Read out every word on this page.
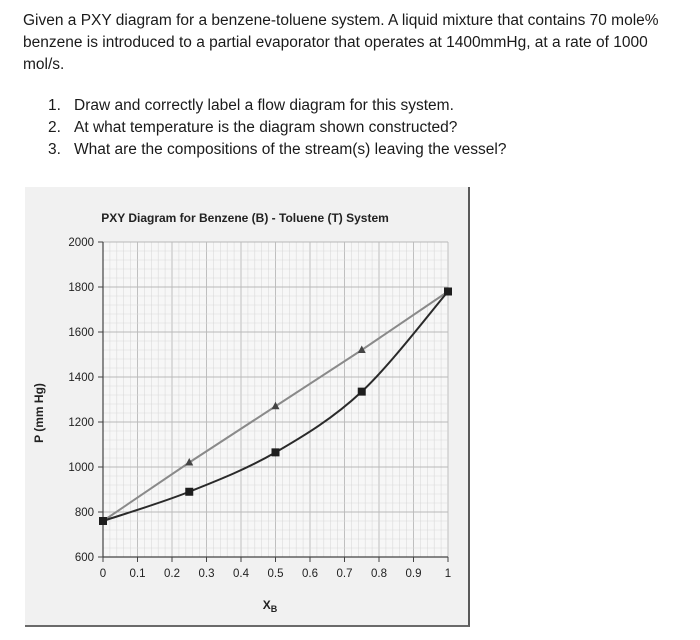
Given a PXY diagram for a benzene-toluene system. A liquid mixture that contains 70 mole% benzene is introduced to a partial evaporator that operates at 1400mmHg, at a rate of 1000 mol/s.

1. Draw and correctly label a flow diagram for this system.
2. At what temperature is the diagram shown constructed?
3. What are the compositions of the stream(s) leaving the vessel?
PXY Diagram for Benzene (B) - Toluene (T) System
600
800
1000
1200
1400
1600
1800
2000
0 0.1 0.2 0.3 0.4 0.5 0.6 0.7 0.8 0.9 1
P (mm Hg)
$X_B$
